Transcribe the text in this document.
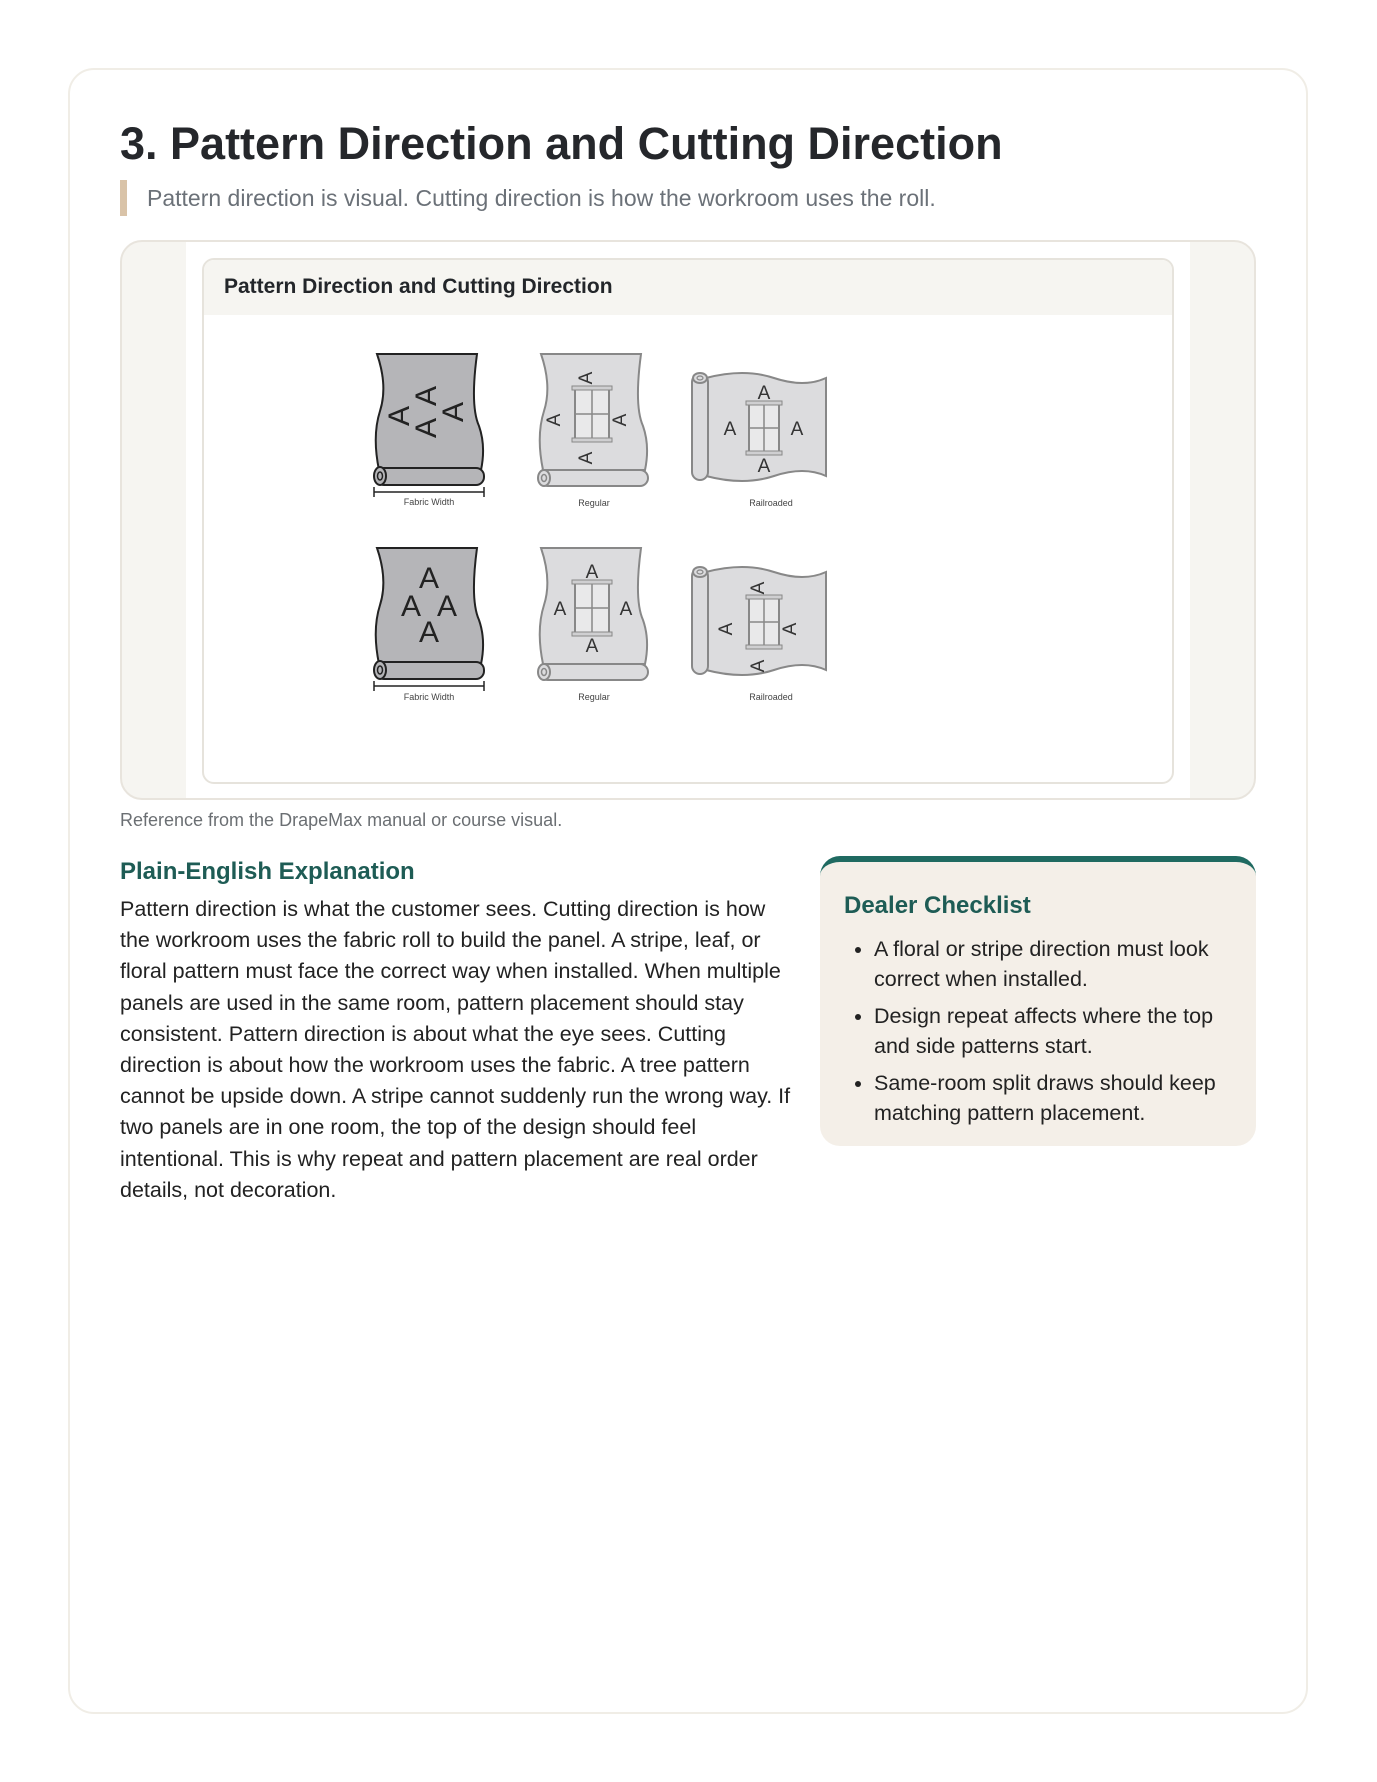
3. Pattern Direction and Cutting Direction
Pattern direction is visual. Cutting direction is how the workroom uses the roll.
Pattern Direction and Cutting Direction
A
A
A
A
Fabric Width
A
A A
A
Regular
A
A	A
A
Railroaded
A
A A
A
Fabric Width
A
A	A
A
Regular
A
A A
A
Railroaded
Reference from the DrapeMax manual or course visual.
Plain-English Explanation

Pattern direction is what the customer sees. Cutting direction is how the workroom uses the fabric roll to build the panel. A stripe, leaf, or floral pattern must face the correct way when installed. When multiple panels are used in the same room, pattern placement should stay consistent. Pattern direction is about what the eye sees. Cutting direction is about how the workroom uses the fabric. A tree pattern cannot be upside down. A stripe cannot suddenly run the wrong way. If two panels are in one room, the top of the design should feel intentional. This is why repeat and pattern placement are real order details, not decoration.

Dealer Checklist
• A floral or stripe direction must look correct when installed.
• Design repeat affects where the top and side patterns start.
• Same-room split draws should keep matching pattern placement.
